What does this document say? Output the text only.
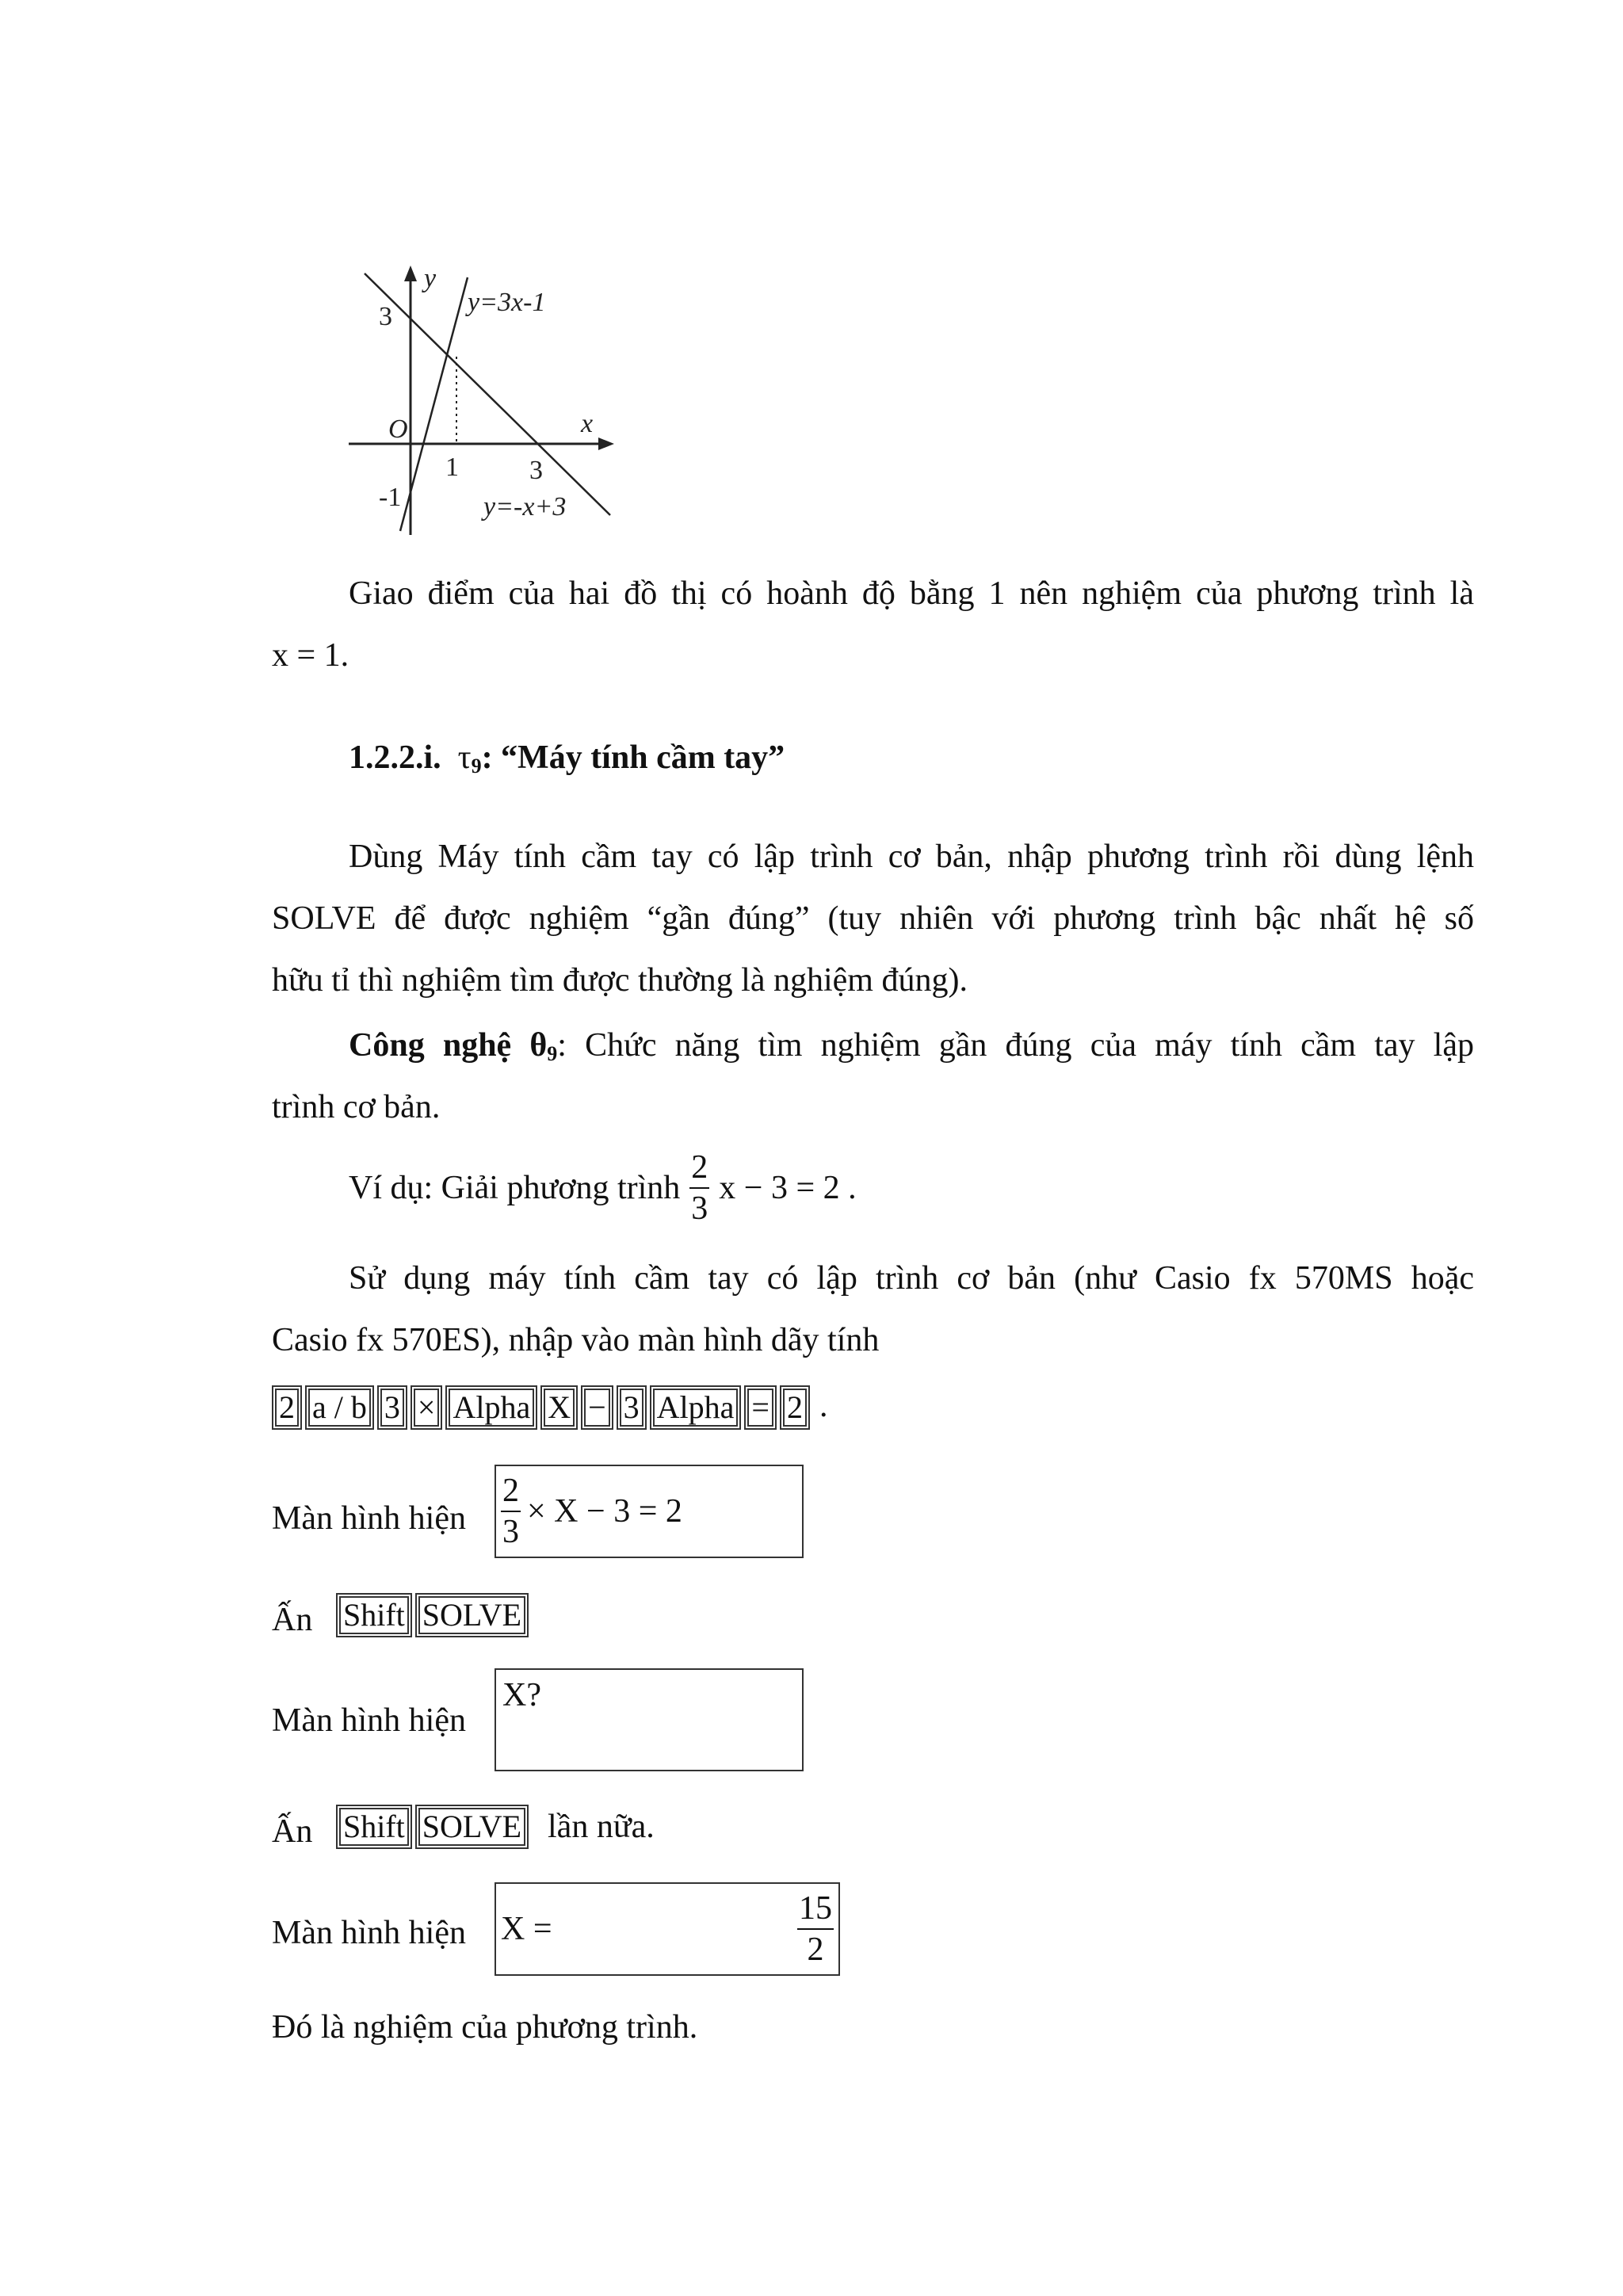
y
3	y=3x-1
O	x
1	3
-1	y=-x+3
Giao điểm của hai đồ thị có hoành độ bằng 1 nên nghiệm của phương trình là
x = 1.
1.2.2.i. $\tau_9$: “Máy tính cầm tay”
Dùng Máy tính cầm tay có lập trình cơ bản, nhập phương trình rồi dùng lệnh
SOLVE để được nghiệm “gần đúng” (tuy nhiên với phương trình bậc nhất hệ số
hữu tỉ thì nghiệm tìm được thường là nghiệm đúng).
Công nghệ $\theta_9$: Chức năng tìm nghiệm gần đúng của máy tính cầm tay lập
trình cơ bản.
Ví dụ: Giải phương trình $\frac{2}{3}$ x − 3 = 2 .
Sử dụng máy tính cầm tay có lập trình cơ bản (như Casio fx 570MS hoặc
Casio fx 570ES), nhập vào màn hình dãy tính
2 a / b 3 × Alpha X − 3 Alpha = 2 .
Màn hình hiện $\frac{2}{3} \times X - 3 = 2$
Ấn Shift SOLVE
Màn hình hiện
X?
Ấn Shift SOLVE lần nữa.
Màn hình hiện X =	$\frac{15}{2}$
Đó là nghiệm của phương trình.
